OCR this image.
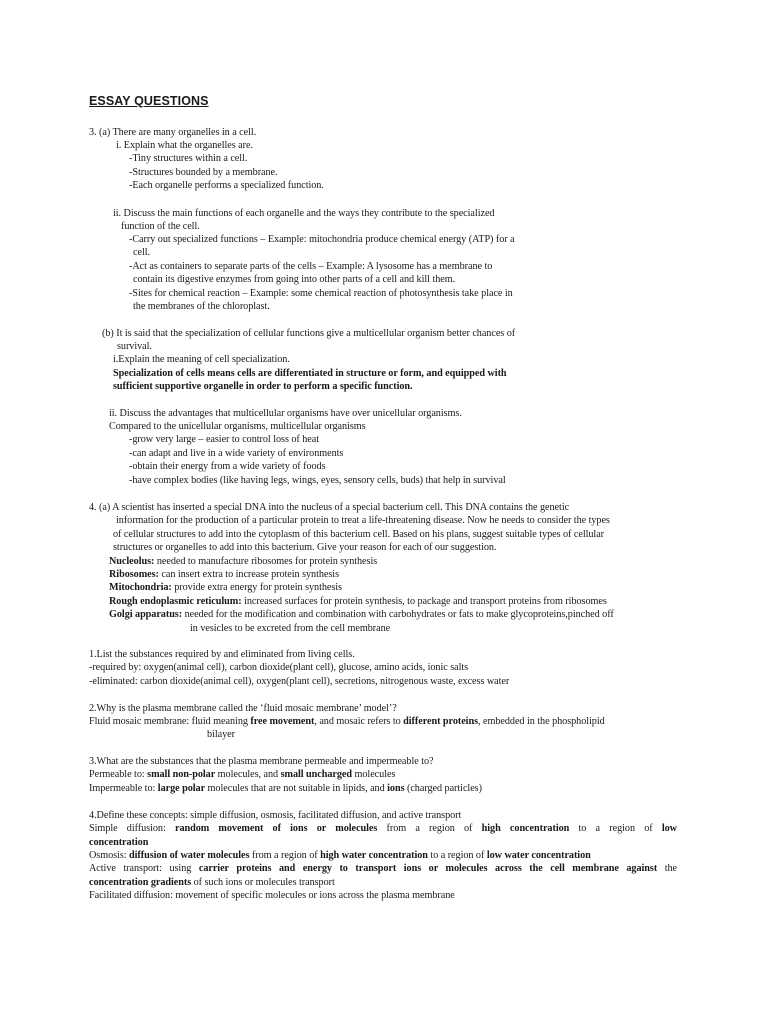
ESSAY QUESTIONS
3. (a) There are many organelles in a cell.
i. Explain what the organelles are.
-Tiny structures within a cell.
-Structures bounded by a membrane.
-Each organelle performs a specialized function.
ii. Discuss the main functions of each organelle and the ways they contribute to the specialized
function of the cell.
-Carry out specialized functions – Example: mitochondria produce chemical energy (ATP) for a
cell.
-Act as containers to separate parts of the cells – Example: A lysosome has a membrane to
contain its digestive enzymes from going into other parts of a cell and kill them.
-Sites for chemical reaction – Example: some chemical reaction of photosynthesis take place in
the membranes of the chloroplast.
(b) It is said that the specialization of cellular functions give a multicellular organism better chances of
survival.
i.Explain the meaning of cell specialization.
Specialization of cells means cells are differentiated in structure or form, and equipped with
sufficient supportive organelle in order to perform a specific function.
ii. Discuss the advantages that multicellular organisms have over unicellular organisms.
Compared to the unicellular organisms, multicellular organisms
-grow very large – easier to control loss of heat
-can adapt and live in a wide variety of environments
-obtain their energy from a wide variety of foods
-have complex bodies (like having legs, wings, eyes, sensory cells, buds) that help in survival
4. (a) A scientist has inserted a special DNA into the nucleus of a special bacterium cell. This DNA contains the genetic
information for the production of a particular protein to treat a life-threatening disease. Now he needs to consider the types
of cellular structures to add into the cytoplasm of this bacterium cell. Based on his plans, suggest suitable types of cellular
structures or organelles to add into this bacterium. Give your reason for each of our suggestion.
Nucleolus: needed to manufacture ribosomes for protein synthesis
Ribosomes: can insert extra to increase protein synthesis
Mitochondria: provide extra energy for protein synthesis
Rough endoplasmic reticulum: increased surfaces for protein synthesis, to package and transport proteins from ribosomes
Golgi apparatus: needed for the modification and combination with carbohydrates or fats to make glycoproteins,pinched off
in vesicles to be excreted from the cell membrane
1.List the substances required by and eliminated from living cells.
-required by: oxygen(animal cell), carbon dioxide(plant cell), glucose, amino acids, ionic salts
-eliminated: carbon dioxide(animal cell), oxygen(plant cell), secretions, nitrogenous waste, excess water
2.Why is the plasma membrane called the ‘fluid mosaic membrane’ model’?
Fluid mosaic membrane: fluid meaning free movement, and mosaic refers to different proteins, embedded in the phospholipid
bilayer
3.What are the substances that the plasma membrane permeable and impermeable to?
Permeable to: small non-polar molecules, and small uncharged molecules
Impermeable to: large polar molecules that are not suitable in lipids, and ions (charged particles)
4.Define these concepts: simple diffusion, osmosis, facilitated diffusion, and active transport
Simple diffusion: random movement of ions or molecules from a region of high concentration to a region of low
concentration
Osmosis: diffusion of water molecules from a region of high water concentration to a region of low water concentration
Active transport: using carrier proteins and energy to transport ions or molecules across the cell membrane against the
concentration gradients of such ions or molecules transport
Facilitated diffusion: movement of specific molecules or ions across the plasma membrane
